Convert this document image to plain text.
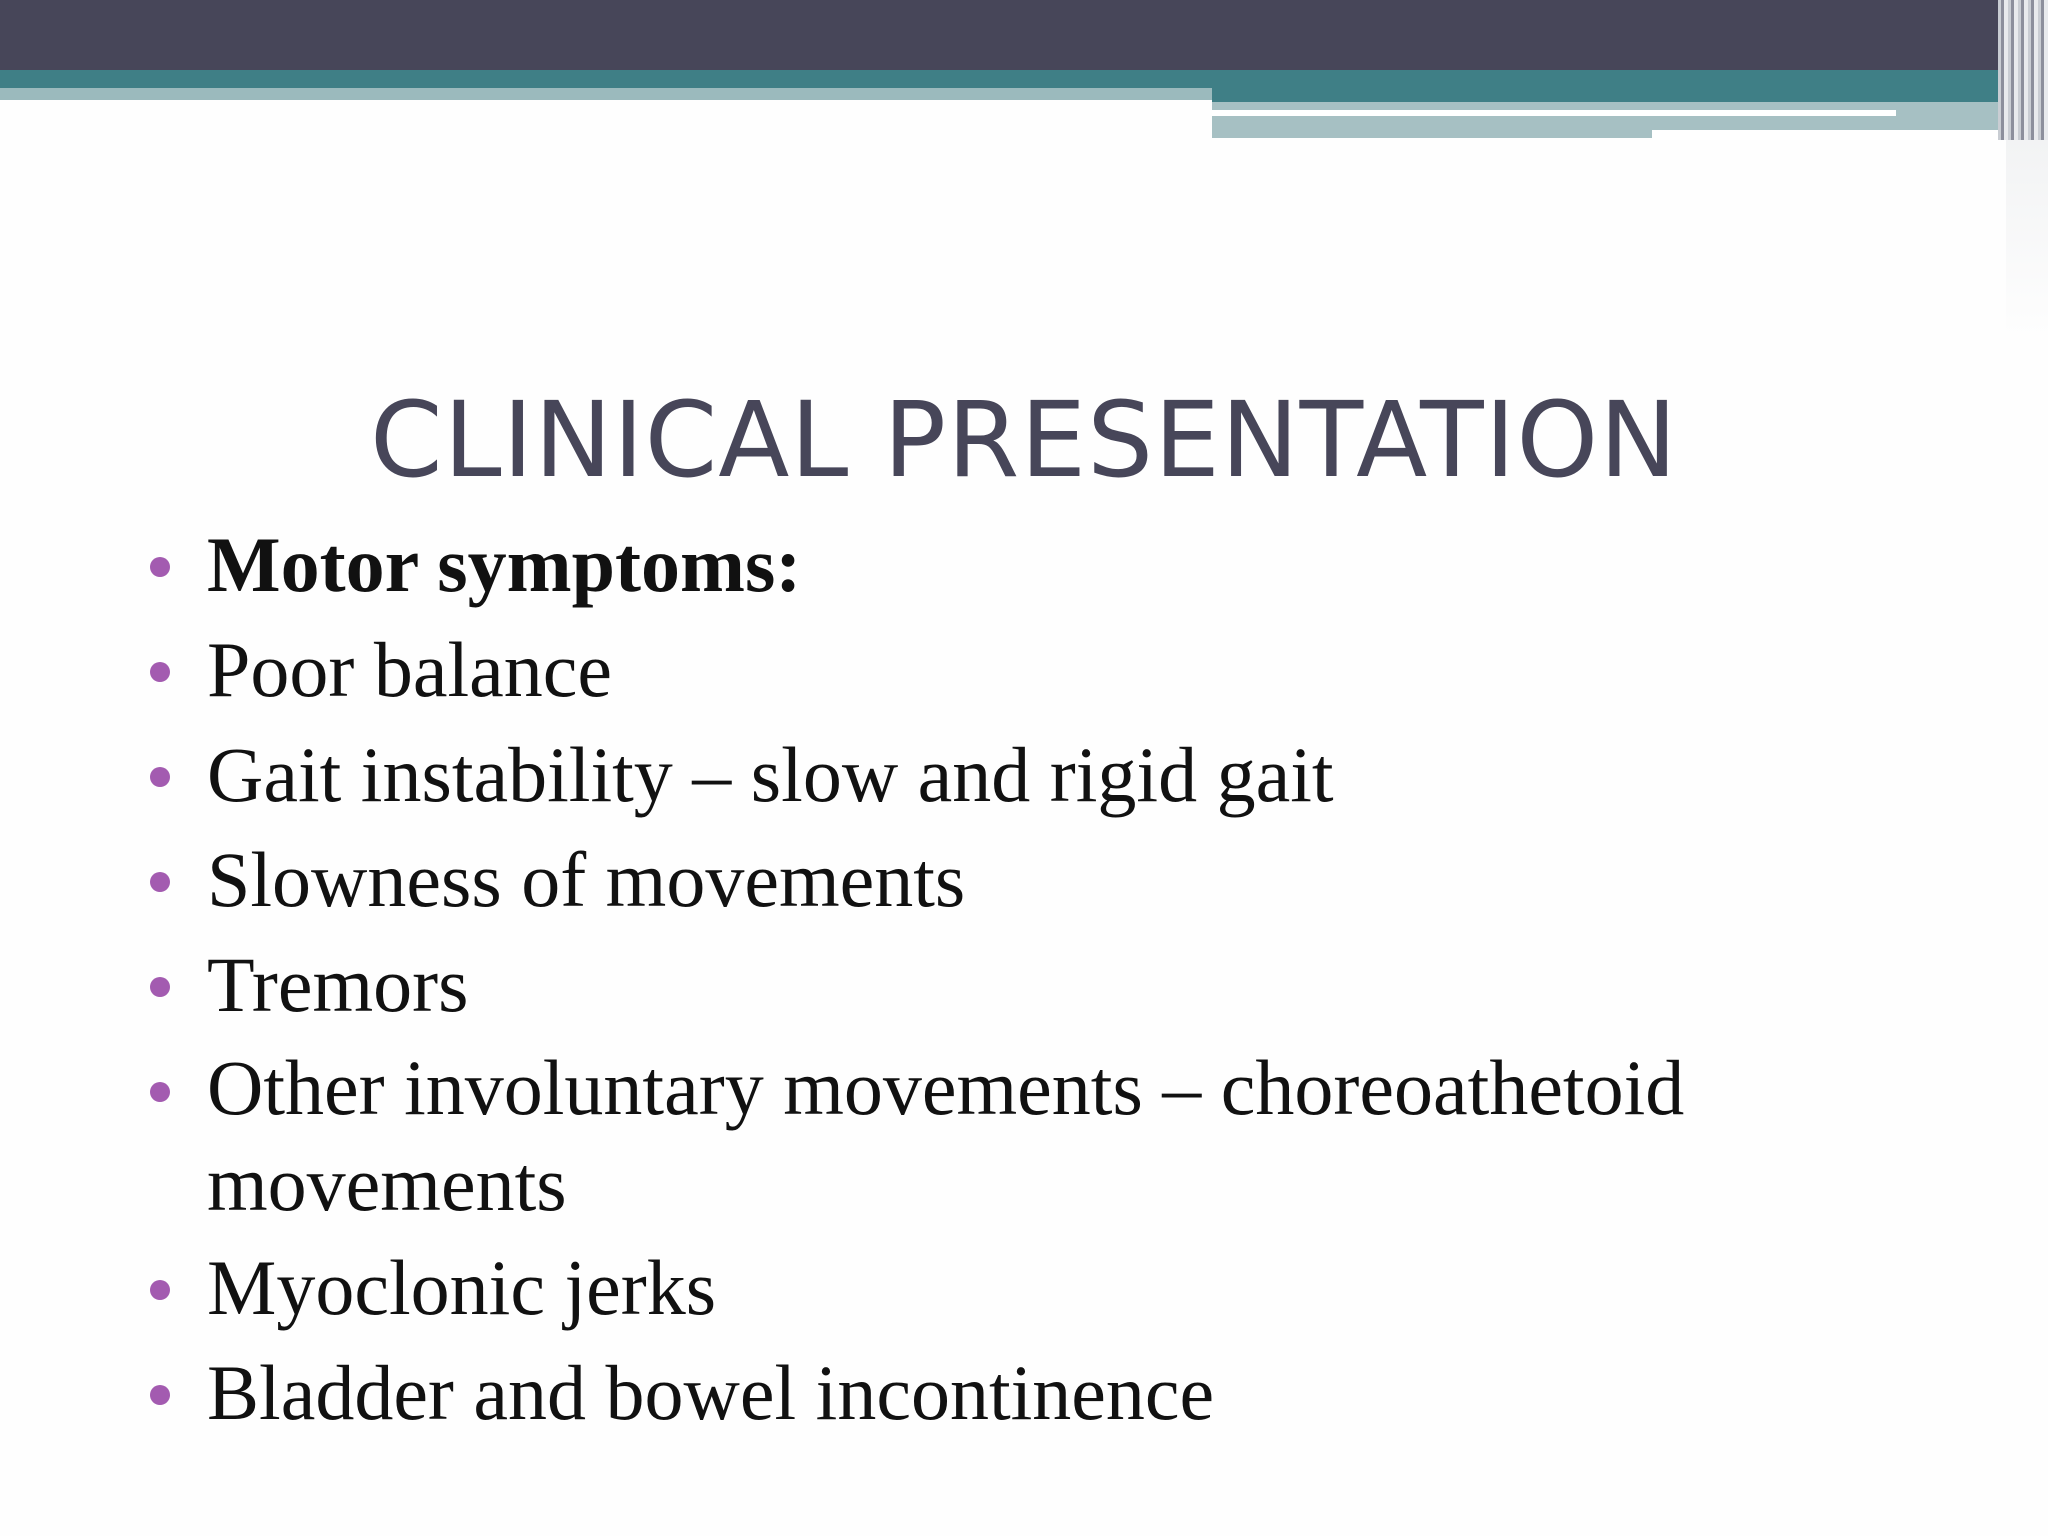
CLINICAL PRESENTATION
Motor symptoms:
Poor balance
Gait instability – slow and rigid gait
Slowness of movements
Tremors
Other involuntary movements – choreoathetoid movements
Myoclonic jerks
Bladder and bowel incontinence
